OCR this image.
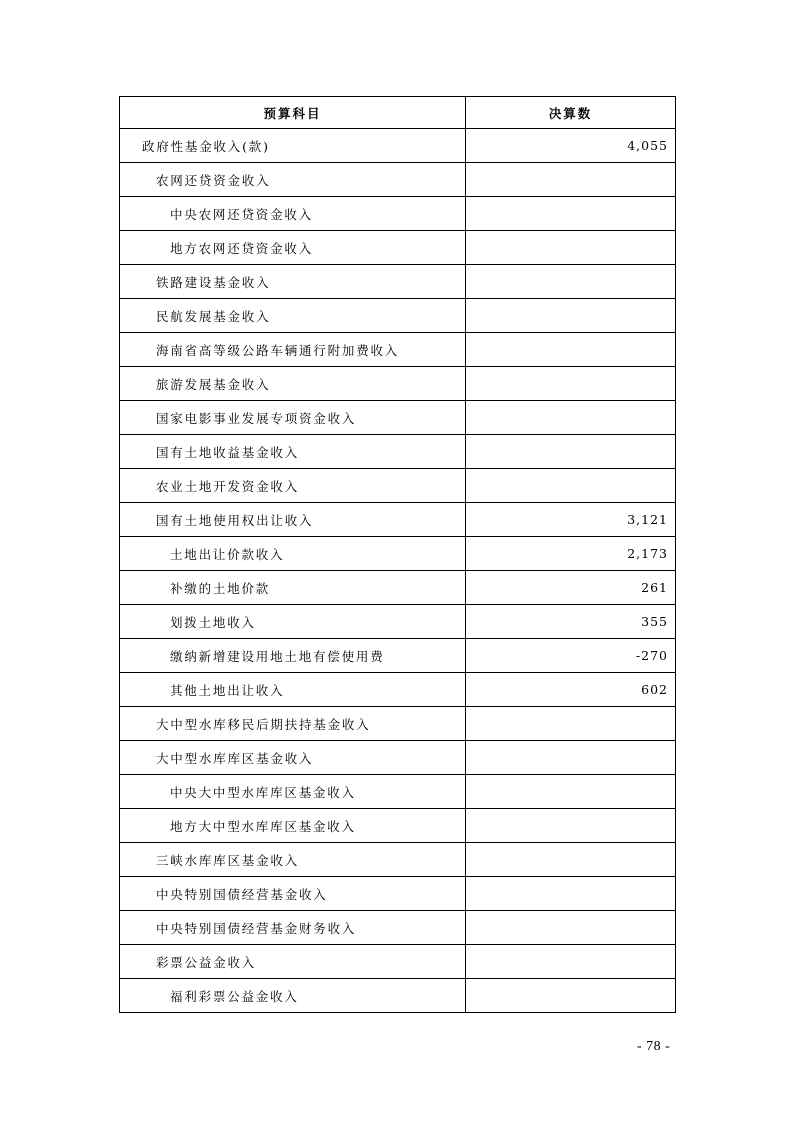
预算科目	决算数
政府性基金收入(款)	4,055
农网还贷资金收入	
中央农网还贷资金收入	
地方农网还贷资金收入	
铁路建设基金收入	
民航发展基金收入	
海南省高等级公路车辆通行附加费收入	
旅游发展基金收入	
国家电影事业发展专项资金收入	
国有土地收益基金收入	
农业土地开发资金收入	
国有土地使用权出让收入	3,121
土地出让价款收入	2,173
补缴的土地价款	261
划拨土地收入	355
缴纳新增建设用地土地有偿使用费	-270
其他土地出让收入	602
大中型水库移民后期扶持基金收入	
大中型水库库区基金收入	
中央大中型水库库区基金收入	
地方大中型水库库区基金收入	
三峡水库库区基金收入	
中央特别国债经营基金收入	
中央特别国债经营基金财务收入	
彩票公益金收入	
福利彩票公益金收入	
- 78 -
